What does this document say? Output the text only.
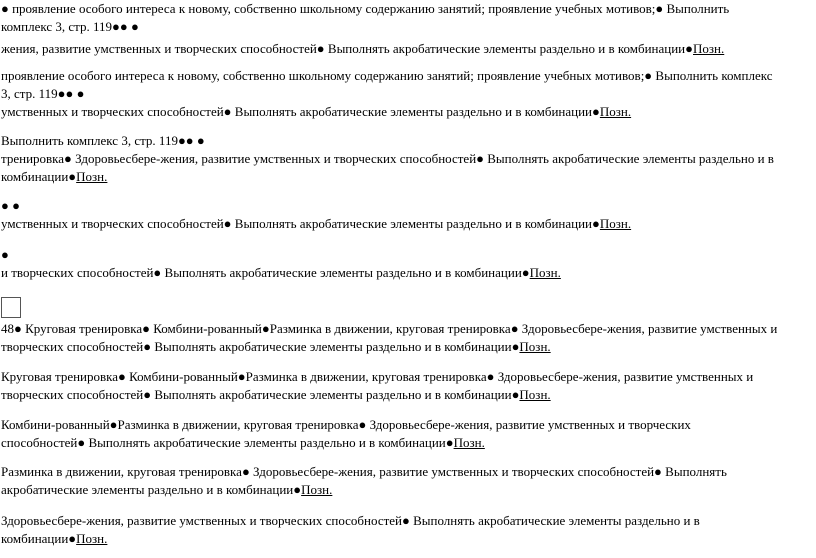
● проявление особого интереса к новому, собственно школьному содержанию занятий; проявление учебных мотивов;● Выполнить
комплекс 3, стр. 119●● ●
жения, развитие умственных и творческих способностей● Выполнять акробатические элементы раздельно и в комбинации●Позн.
проявление особого интереса к новому, собственно школьному содержанию занятий; проявление учебных мотивов;● Выполнить комплекс
3, стр. 119●● ●
умственных и творческих способностей● Выполнять акробатические элементы раздельно и в комбинации●Позн.
Выполнить комплекс 3, стр. 119●● ●
тренировка● Здоровьесбере-жения, развитие умственных и творческих способностей● Выполнять акробатические элементы раздельно и в
комбинации●Позн.
● ●
умственных и творческих способностей● Выполнять акробатические элементы раздельно и в комбинации●Позн.
●
и творческих способностей● Выполнять акробатические элементы раздельно и в комбинации●Позн.
48● Круговая тренировка● Комбини-рованный●Разминка в движении, круговая тренировка● Здоровьесбере-жения, развитие умственных и
творческих способностей● Выполнять акробатические элементы раздельно и в комбинации●Позн.
Круговая тренировка● Комбини-рованный●Разминка в движении, круговая тренировка● Здоровьесбере-жения, развитие умственных и
творческих способностей● Выполнять акробатические элементы раздельно и в комбинации●Позн.
Комбини-рованный●Разминка в движении, круговая тренировка● Здоровьесбере-жения, развитие умственных и творческих
способностей● Выполнять акробатические элементы раздельно и в комбинации●Позн.
Разминка в движении, круговая тренировка● Здоровьесбере-жения, развитие умственных и творческих способностей● Выполнять
акробатические элементы раздельно и в комбинации●Позн.
Здоровьесбере-жения, развитие умственных и творческих способностей● Выполнять акробатические элементы раздельно и в
комбинации●Позн.
